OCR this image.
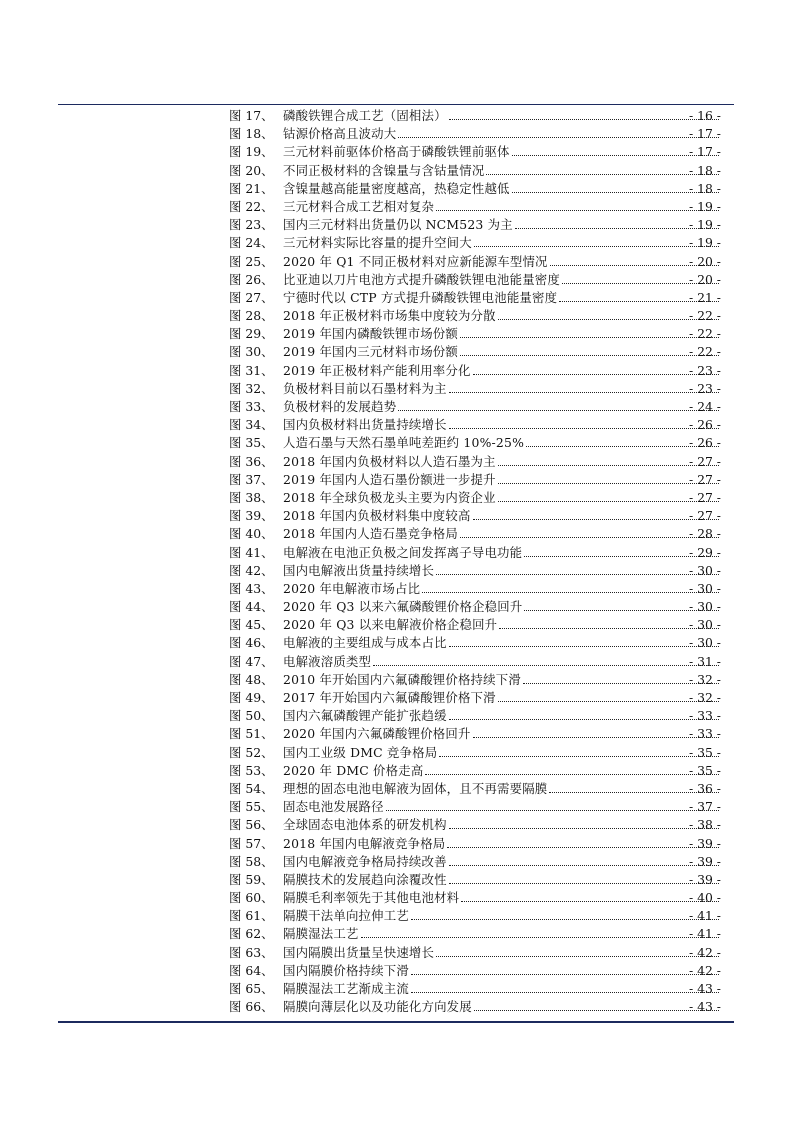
图 17、 磷酸铁锂合成工艺（固相法）	- 16 -
图 18、 钴源价格高且波动大	- 17 -
图 19、 三元材料前驱体价格高于磷酸铁锂前驱体	- 17 -
图 20、 不同正极材料的含镍量与含钴量情况	- 18 -
图 21、 含镍量越高能量密度越高，热稳定性越低	- 18 -
图 22、 三元材料合成工艺相对复杂	- 19 -
图 23、 国内三元材料出货量仍以 NCM523 为主	- 19 -
图 24、 三元材料实际比容量的提升空间大	- 19 -
图 25、 2020 年 Q1 不同正极材料对应新能源车型情况	- 20 -
图 26、 比亚迪以刀片电池方式提升磷酸铁锂电池能量密度	- 20 -
图 27、 宁德时代以 CTP 方式提升磷酸铁锂电池能量密度	- 21 -
图 28、 2018 年正极材料市场集中度较为分散	- 22 -
图 29、 2019 年国内磷酸铁锂市场份额	- 22 -
图 30、 2019 年国内三元材料市场份额	- 22 -
图 31、 2019 年正极材料产能利用率分化	- 23 -
图 32、 负极材料目前以石墨材料为主	- 23 -
图 33、 负极材料的发展趋势	- 24 -
图 34、 国内负极材料出货量持续增长	- 26 -
图 35、 人造石墨与天然石墨单吨差距约 10%-25%	- 26 -
图 36、 2018 年国内负极材料以人造石墨为主	- 27 -
图 37、 2019 年国内人造石墨份额进一步提升	- 27 -
图 38、 2018 年全球负极龙头主要为内资企业	- 27 -
图 39、 2018 年国内负极材料集中度较高	- 27 -
图 40、 2018 年国内人造石墨竞争格局	- 28 -
图 41、 电解液在电池正负极之间发挥离子导电功能	- 29 -
图 42、 国内电解液出货量持续增长	- 30 -
图 43、 2020 年电解液市场占比	- 30 -
图 44、 2020 年 Q3 以来六氟磷酸锂价格企稳回升	- 30 -
图 45、 2020 年 Q3 以来电解液价格企稳回升	- 30 -
图 46、 电解液的主要组成与成本占比	- 30 -
图 47、 电解液溶质类型	- 31 -
图 48、 2010 年开始国内六氟磷酸锂价格持续下滑	- 32 -
图 49、 2017 年开始国内六氟磷酸锂价格下滑	- 32 -
图 50、 国内六氟磷酸锂产能扩张趋缓	- 33 -
图 51、 2020 年国内六氟磷酸锂价格回升	- 33 -
图 52、 国内工业级 DMC 竞争格局	- 35 -
图 53、 2020 年 DMC 价格走高	- 35 -
图 54、 理想的固态电池电解液为固体，且不再需要隔膜	- 36 -
图 55、 固态电池发展路径	- 37 -
图 56、 全球固态电池体系的研发机构	- 38 -
图 57、 2018 年国内电解液竞争格局	- 39 -
图 58、 国内电解液竞争格局持续改善	- 39 -
图 59、 隔膜技术的发展趋向涂覆改性	- 39 -
图 60、 隔膜毛利率领先于其他电池材料	- 40 -
图 61、 隔膜干法单向拉伸工艺	- 41 -
图 62、 隔膜湿法工艺	- 41 -
图 63、 国内隔膜出货量呈快速增长	- 42 -
图 64、 国内隔膜价格持续下滑	- 42 -
图 65、 隔膜湿法工艺渐成主流	- 43 -
图 66、 隔膜向薄层化以及功能化方向发展	- 43 -
